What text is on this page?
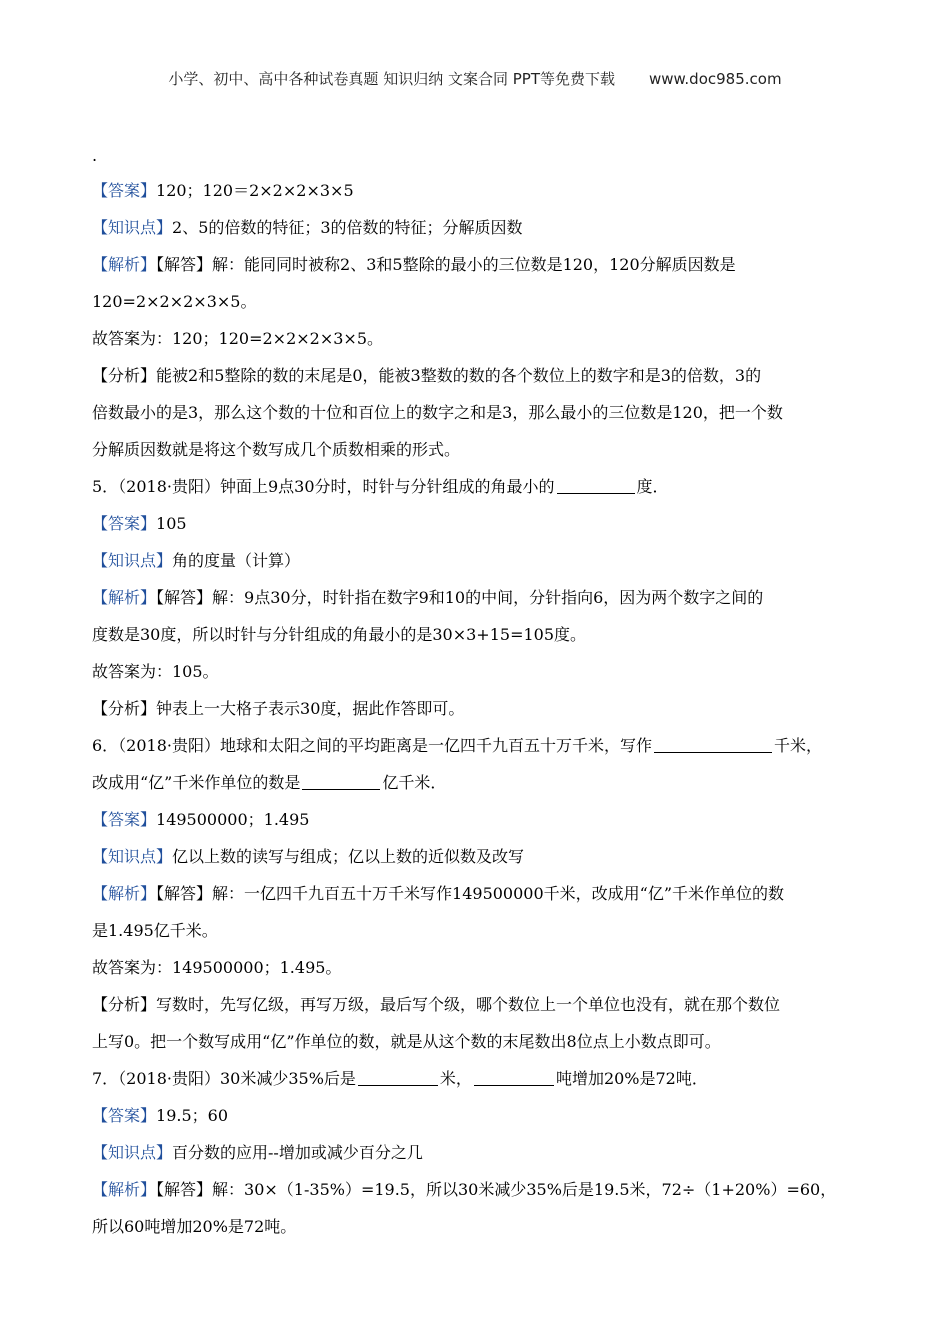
小学、初中、高中各种试卷真题 知识归纳 文案合同 PPT等免费下载 www.doc985.com
.
【答案】120；120＝2×2×2×3×5
【知识点】2、5的倍数的特征；3的倍数的特征；分解质因数
【解析】【解答】解：能同同时被称2、3和5整除的最小的三位数是120，120分解质因数是
120=2×2×2×3×5。
故答案为：120；120=2×2×2×3×5。
【分析】能被2和5整除的数的末尾是0，能被3整数的数的各个数位上的数字和是3的倍数，3的
倍数最小的是3，那么这个数的十位和百位上的数字之和是3，那么最小的三位数是120，把一个数
分解质因数就是将这个数写成几个质数相乘的形式。
5．（2018·贵阳）钟面上9点30分时，时针与分针组成的角最小的	度．
【答案】105
【知识点】角的度量（计算）
【解析】【解答】解：9点30分，时针指在数字9和10的中间，分针指向6，因为两个数字之间的
度数是30度，所以时针与分针组成的角最小的是30×3+15=105度。
故答案为：105。
【分析】钟表上一大格子表示30度，据此作答即可。
6．（2018·贵阳）地球和太阳之间的平均距离是一亿四千九百五十万千米，写作	千米，
改成用“亿”千米作单位的数是	亿千米．
【答案】149500000；1.495
【知识点】亿以上数的读写与组成；亿以上数的近似数及改写
【解析】【解答】解：一亿四千九百五十万千米写作149500000千米，改成用“亿”千米作单位的数
是1.495亿千米。
故答案为：149500000；1.495。
【分析】写数时，先写亿级，再写万级，最后写个级，哪个数位上一个单位也没有，就在那个数位
上写0。把一个数写成用“亿”作单位的数，就是从这个数的末尾数出8位点上小数点即可。
7．（2018·贵阳）30米减少35%后是	米，	吨增加20%是72吨．
【答案】19.5；60
【知识点】百分数的应用--增加或减少百分之几
【解析】【解答】解：30×（1-35%）=19.5，所以30米减少35%后是19.5米，72÷（1+20%）=60，
所以60吨增加20%是72吨。
